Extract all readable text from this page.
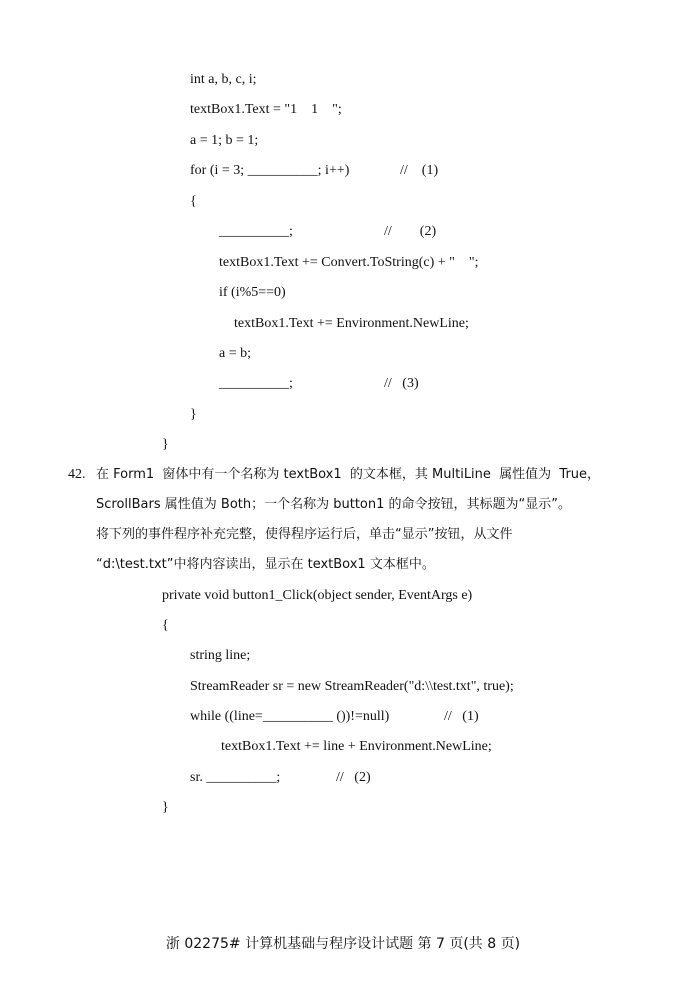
int a, b, c, i;
textBox1.Text = "1    1    ";
a = 1; b = 1;
for (i = 3; __________; i++)	//    (1)
{
__________;	//        (2)
textBox1.Text += Convert.ToString(c) + "    ";
if (i%5==0)
textBox1.Text += Environment.NewLine;
a = b;
__________;	//   (3)
}
}
42. 在 Form1  窗体中有一个名称为 textBox1  的文本框，其 MultiLine  属性值为  True，
ScrollBars 属性值为 Both；一个名称为 button1 的命令按钮，其标题为“显示”。
将下列的事件程序补充完整，使得程序运行后，单击“显示”按钮，从文件
“d:\test.txt”中将内容读出，显示在 textBox1 文本框中。
private void button1_Click(object sender, EventArgs e)
{
string line;
StreamReader sr = new StreamReader("d:\\test.txt", true);
while ((line=__________ ())!=null)	//   (1)
textBox1.Text += line + Environment.NewLine;
sr. __________;	//   (2)
}
浙 02275# 计算机基础与程序设计试题 第 7 页(共 8 页)
